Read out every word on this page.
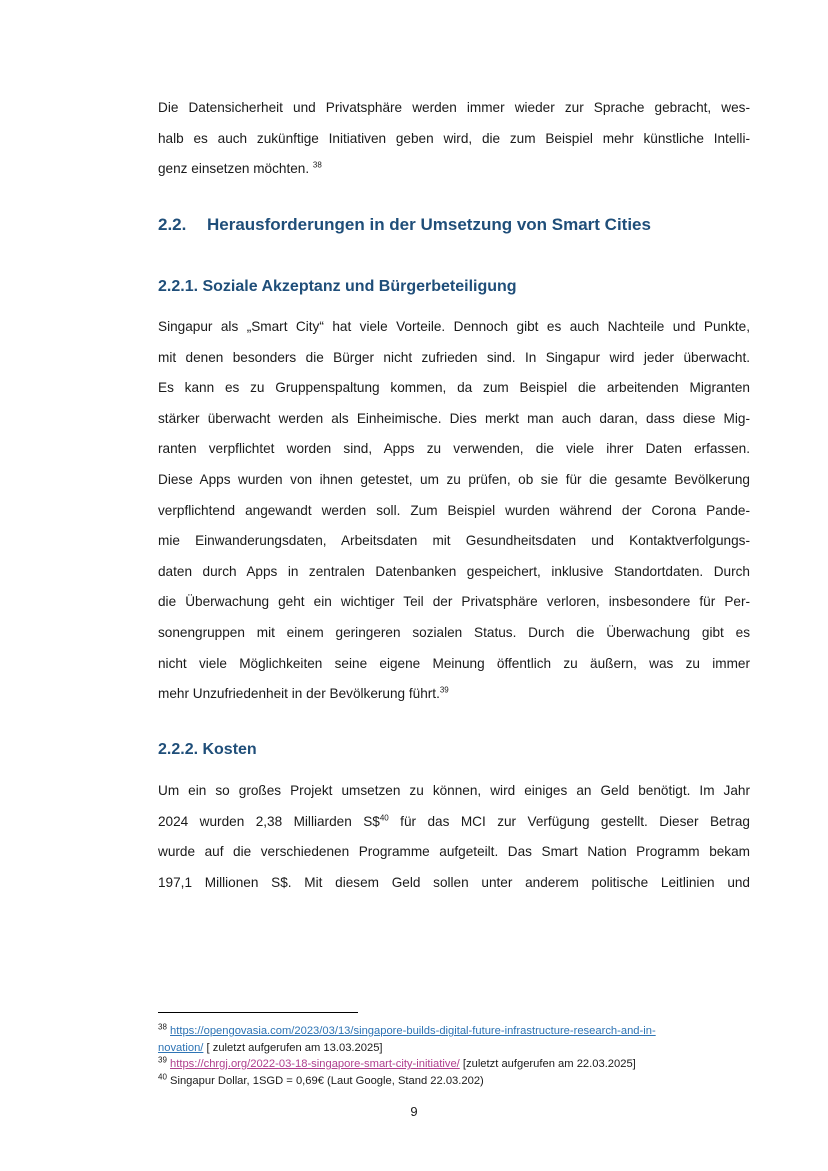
Die Datensicherheit und Privatsphäre werden immer wieder zur Sprache gebracht, wes-
halb es auch zukünftige Initiativen geben wird, die zum Beispiel mehr künstliche Intelli-
genz einsetzen möchten. $^{38}$
2.2. Herausforderungen in der Umsetzung von Smart Cities
2.2.1. Soziale Akzeptanz und Bürgerbeteiligung
Singapur als „Smart City“ hat viele Vorteile. Dennoch gibt es auch Nachteile und Punkte,
mit denen besonders die Bürger nicht zufrieden sind. In Singapur wird jeder überwacht.
Es kann es zu Gruppenspaltung kommen, da zum Beispiel die arbeitenden Migranten
stärker überwacht werden als Einheimische. Dies merkt man auch daran, dass diese Mig-
ranten verpflichtet worden sind, Apps zu verwenden, die viele ihrer Daten erfassen.
Diese Apps wurden von ihnen getestet, um zu prüfen, ob sie für die gesamte Bevölkerung
verpflichtend angewandt werden soll. Zum Beispiel wurden während der Corona Pande-
mie Einwanderungsdaten, Arbeitsdaten mit Gesundheitsdaten und Kontaktverfolgungs-
daten durch Apps in zentralen Datenbanken gespeichert, inklusive Standortdaten. Durch
die Überwachung geht ein wichtiger Teil der Privatsphäre verloren, insbesondere für Per-
sonengruppen mit einem geringeren sozialen Status. Durch die Überwachung gibt es
nicht viele Möglichkeiten seine eigene Meinung öffentlich zu äußern, was zu immer
mehr Unzufriedenheit in der Bevölkerung führt.$^{39}$
2.2.2. Kosten
Um ein so großes Projekt umsetzen zu können, wird einiges an Geld benötigt. Im Jahr
2024 wurden 2,38 Milliarden S\$$^{40}$ für das MCI zur Verfügung gestellt. Dieser Betrag
wurde auf die verschiedenen Programme aufgeteilt. Das Smart Nation Programm bekam
197,1 Millionen S$. Mit diesem Geld sollen unter anderem politische Leitlinien und
$^{38}$ https://opengovasia.com/2023/03/13/singapore-builds-digital-future-infrastructure-research-and-in-
novation/ [ zuletzt aufgerufen am 13.03.2025]
$^{39}$ https://chrgj.org/2022-03-18-singapore-smart-city-initiative/ [zuletzt aufgerufen am 22.03.2025]
$^{40}$ Singapur Dollar, 1SGD = 0,69€ (Laut Google, Stand 22.03.202)
9
